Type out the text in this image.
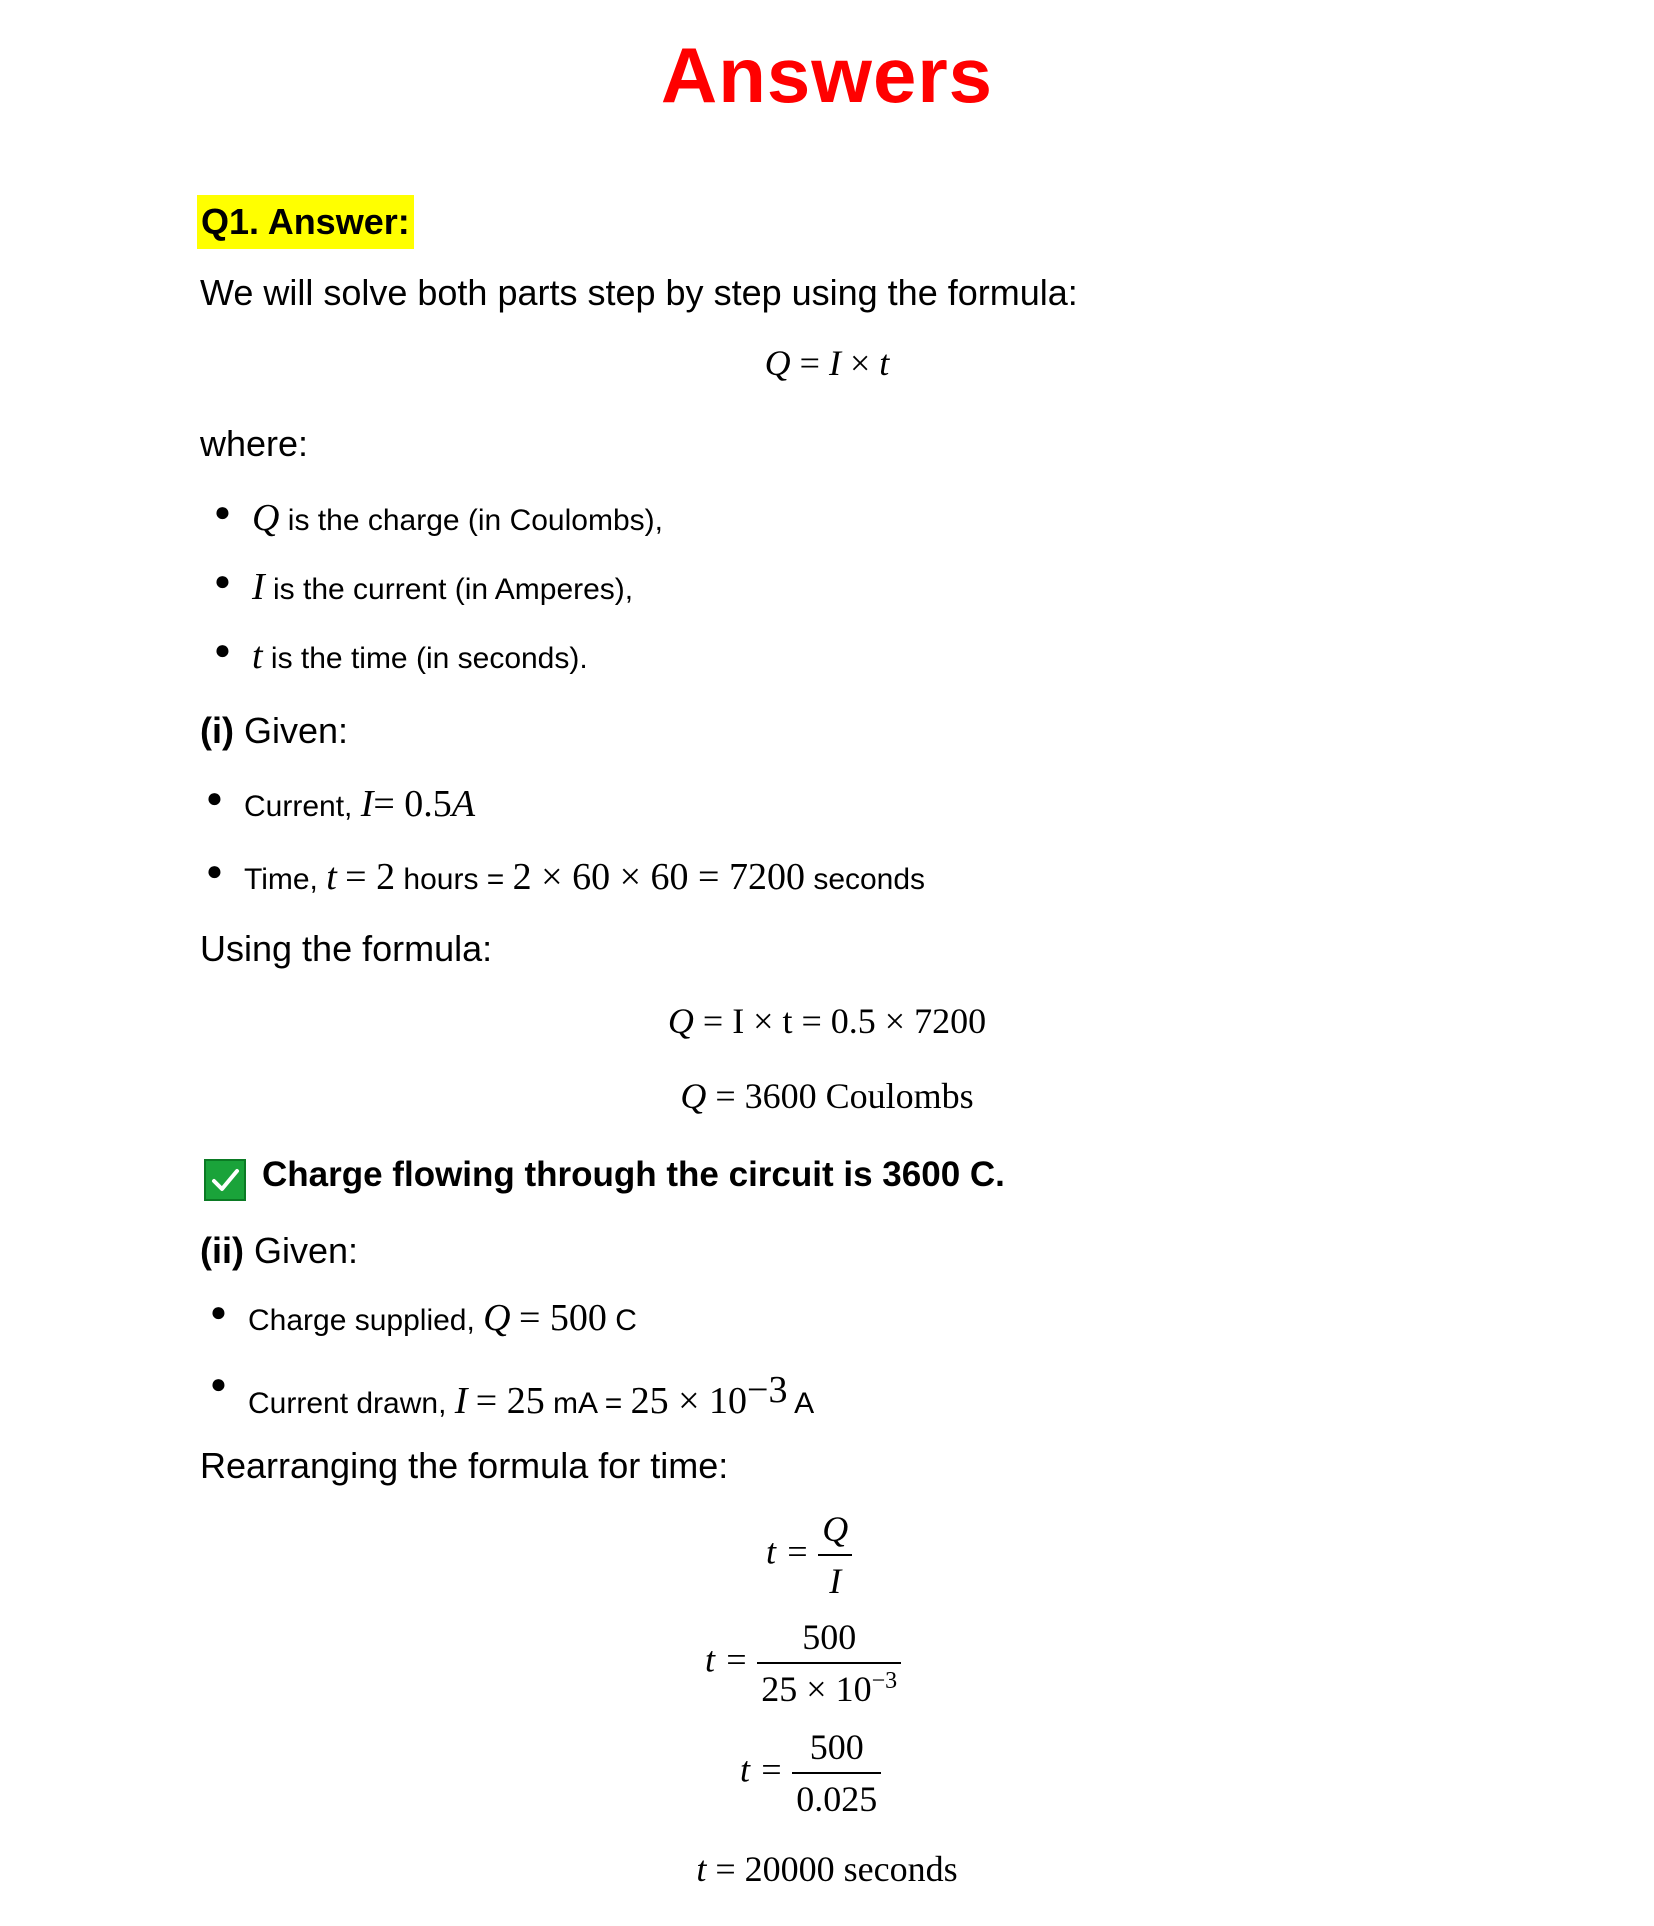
Answers
Q1. Answer:
We will solve both parts step by step using the formula:
Q = I × t
where:
● Q is the charge (in Coulombs),
● I is the current (in Amperes),
● t is the time (in seconds).
(i) Given:
● Current, I= 0.5A
● Time, t = 2 hours = 2 × 60 × 60 = 7200 seconds
Using the formula:
Q = I × t = 0.5 × 7200
Q = 3600 Coulombs
Charge flowing through the circuit is 3600 C.
(ii) Given:
● Charge supplied, Q = 500 C
●
Current drawn, I = 25 mA = $25 \times 10^{-3}$ A
Rearranging the formula for time:
$t = \frac{Q}{I}$
$t = \frac{500}{25 \times 10^{-3}}$
$t = \frac{500}{0.025}$
t = 20000 seconds
